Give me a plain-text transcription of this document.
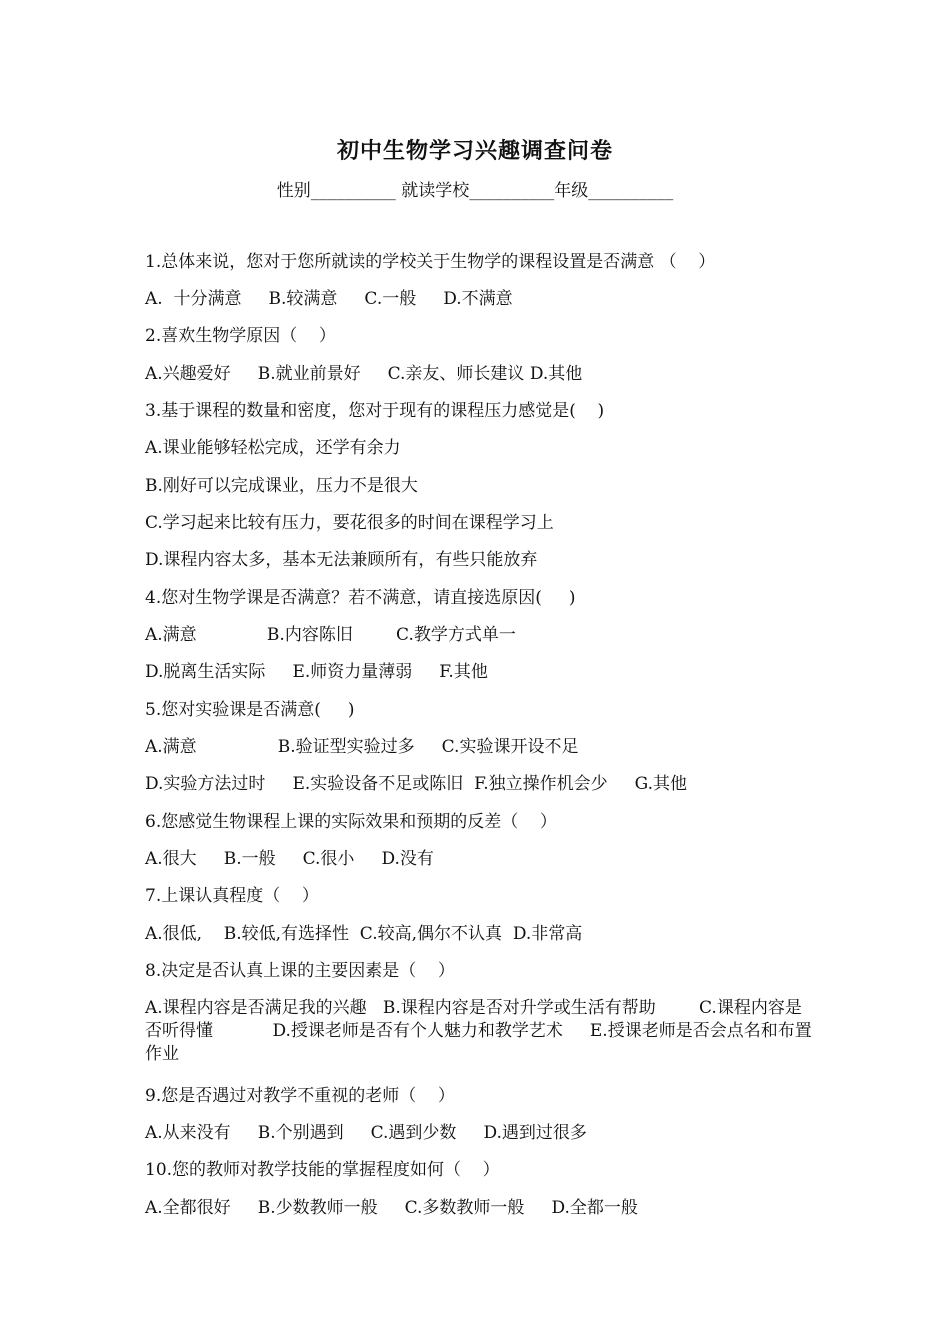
初中生物学习兴趣调查问卷
性别__________ 就读学校__________年级__________
1.总体来说，您对于您所就读的学校关于生物学的课程设置是否满意 （    ）
A.  十分满意     B.较满意     C.一般     D.不满意
2.喜欢生物学原因（    ）
A.兴趣爱好     B.就业前景好     C.亲友、师长建议 D.其他
3.基于课程的数量和密度，您对于现有的课程压力感觉是(    )
A.课业能够轻松完成，还学有余力
B.刚好可以完成课业，压力不是很大
C.学习起来比较有压力，要花很多的时间在课程学习上
D.课程内容太多，基本无法兼顾所有，有些只能放弃
4.您对生物学课是否满意？若不满意，请直接选原因(     )
A.满意             B.内容陈旧        C.教学方式单一
D.脱离生活实际     E.师资力量薄弱     F.其他
5.您对实验课是否满意(     )
A.满意               B.验证型实验过多     C.实验课开设不足
D.实验方法过时     E.实验设备不足或陈旧  F.独立操作机会少     G.其他
6.您感觉生物课程上课的实际效果和预期的反差（    ）
A.很大     B.一般     C.很小     D.没有
7.上课认真程度（    ）
A.很低,    B.较低,有选择性  C.较高,偶尔不认真  D.非常高
8.决定是否认真上课的主要因素是（    ）
A.课程内容是否满足我的兴趣   B.课程内容是否对升学或生活有帮助        C.课程内容是否听得懂           D.授课老师是否有个人魅力和教学艺术     E.授课老师是否会点名和布置作业
9.您是否遇过对教学不重视的老师（    ）
A.从来没有     B.个别遇到     C.遇到少数     D.遇到过很多
10.您的教师对教学技能的掌握程度如何（    ）
A.全都很好     B.少数教师一般     C.多数教师一般     D.全都一般
